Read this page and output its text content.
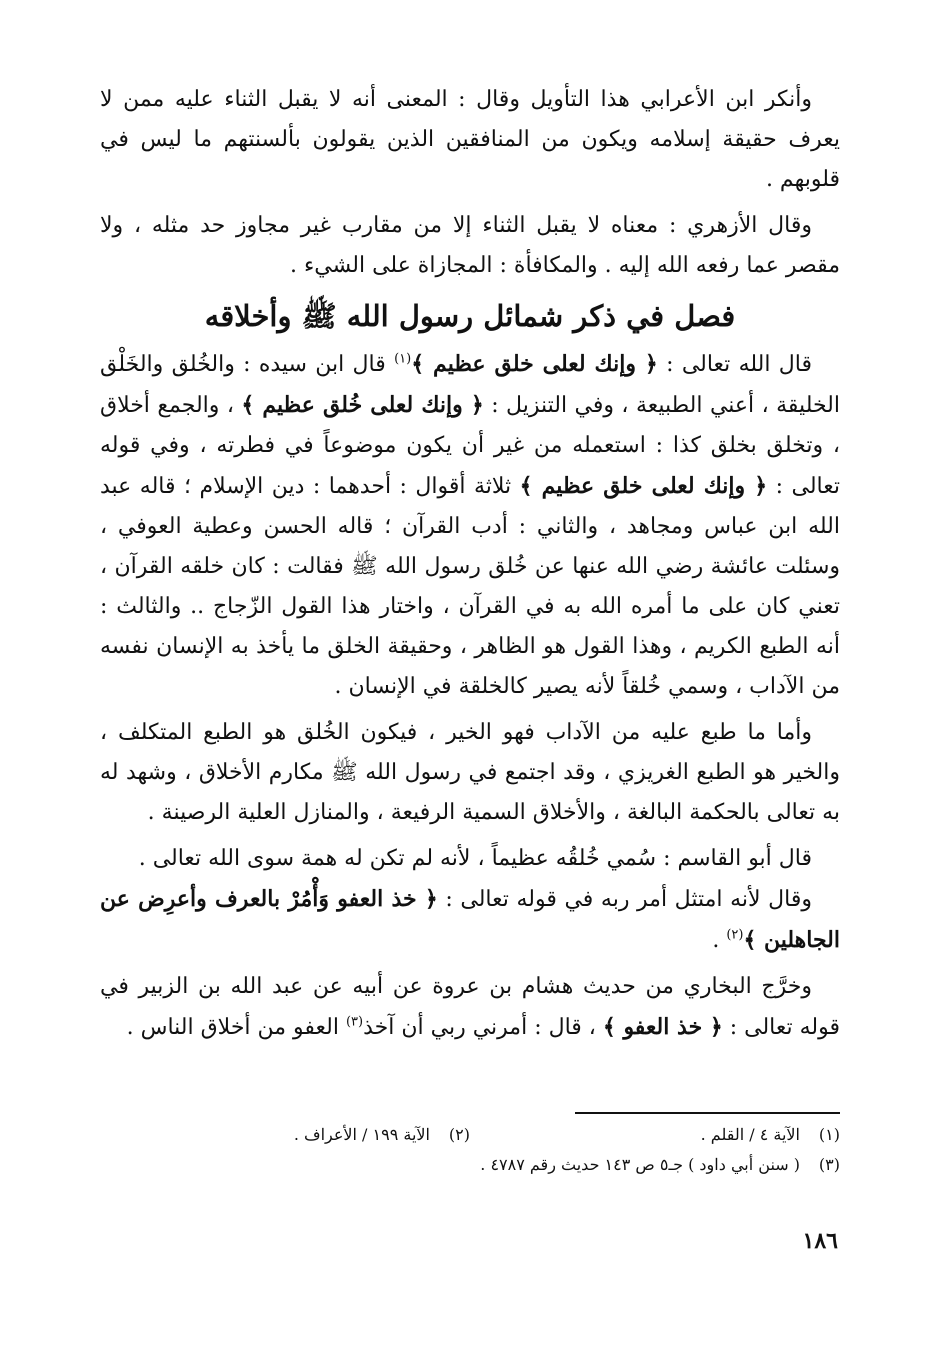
وأنكر ابن الأعرابي هذا التأويل وقال : المعنى أنه لا يقبل الثناء عليه ممن لا يعرف حقيقة إسلامه ويكون من المنافقين الذين يقولون بألسنتهم ما ليس في قلوبهم .

وقال الأزهري : معناه لا يقبل الثناء إلا من مقارب غير مجاوز حد مثله ، ولا مقصر عما رفعه الله إليه . والمكافأة : المجازاة على الشيء .

فصل في ذكر شمائل رسول الله ﷺ وأخلاقه

قال الله تعالى : ﴿ وإنك لعلى خلق عظيم ﴾$^{(١)}$ قال ابن سيده : والخُلق والخَلْق الخليقة ، أعني الطبيعة ، وفي التنزيل : ﴿ وإنك لعلى خُلق عظيم ﴾ ، والجمع أخلاق ، وتخلق بخلق كذا : استعمله من غير أن يكون موضوعاً في فطرته ، وفي قوله تعالى : ﴿ وإنك لعلى خلق عظيم ﴾ ثلاثة أقوال : أحدهما : دين الإسلام ؛ قاله عبد الله ابن عباس ومجاهد ، والثاني : أدب القرآن ؛ قاله الحسن وعطية العوفي ، وسئلت عائشة رضي الله عنها عن خُلق رسول الله ﷺ فقالت : كان خلقه القرآن ، تعني كان على ما أمره الله به في القرآن ، واختار هذا القول الزّجاج .. والثالث : أنه الطبع الكريم ، وهذا القول هو الظاهر ، وحقيقة الخلق ما يأخذ به الإنسان نفسه من الآداب ، وسمي خُلقاً لأنه يصير كالخلقة في الإنسان .

وأما ما طبع عليه من الآداب فهو الخير ، فيكون الخُلق هو الطبع المتكلف ، والخير هو الطبع الغريزي ، وقد اجتمع في رسول الله ﷺ مكارم الأخلاق ، وشهد له به تعالى بالحكمة البالغة ، والأخلاق السمية الرفيعة ، والمنازل العلية الرصينة .

قال أبو القاسم : سُمي خُلقُه عظيماً ، لأنه لم تكن له همة سوى الله تعالى .

وقال لأنه امتثل أمر ربه في قوله تعالى : ﴿ خذ العفو وَأْمُرْ بالعرف وأعرِض عن الجاهلين ﴾$^{(٢)}$ .

وخرَّج البخاري من حديث هشام بن عروة عن أبيه عن عبد الله بن الزبير في قوله تعالى : ﴿ خذ العفو ﴾ ، قال : أمرني ربي أن آخذ$^{(٣)}$ العفو من أخلاق الناس .

(١)
الآية ٤ / القلم .
(٢)
الآية ١٩٩ / الأعراف .
(٣)
( سنن أبي داود ) جـ٥ ص ١٤٣ حديث رقم ٤٧٨٧ .
١٨٦
